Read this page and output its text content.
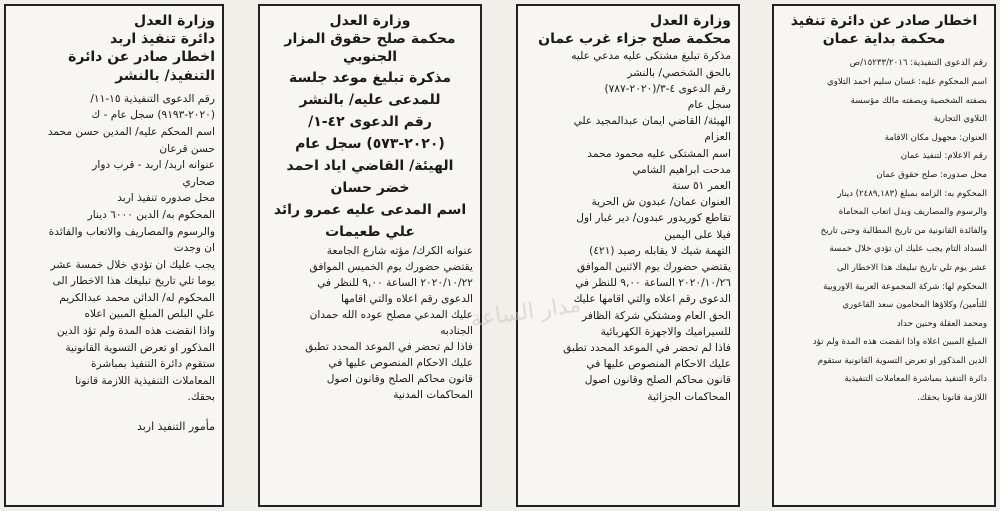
اخطار صادر عن دائرة تنفيذ
محكمة بداية عمان
رقم الدعوى التنفيذية: ١٥٢٣٣/٢٠١٦/ص
اسم المحكوم عليه: غسان سليم احمد التلاوي
بصفته الشخصية وبصفته مالك مؤسسة
التلاوي التجارية
العنوان: مجهول مكان الاقامة
رقم الاعلام: لتنفيذ عمان
محل صدوره: صلح حقوق عمان
المحكوم به: الزامه بمبلغ (٢٤٨٩,١٨٣) دينار
والرسوم والمصاريف وبدل اتعاب المحاماة
والفائدة القانونية من تاريخ المطالبة وحتى تاريخ
السداد التام يجب عليك ان تؤدي خلال خمسة
عشر يوم تلي تاريخ تبليغك هذا الاخطار الى
المحكوم لها: شركة المجموعة العربية الاوروبية
للتأمين/ وكلاؤها المحامون سعد القاعوري
ومحمد العقلة وحنين حداد
المبلغ المبين اعلاه واذا انقضت هذه المدة ولم تؤد
الدين المذكور او تعرض التسوية القانونية ستقوم
دائرة التنفيذ بمباشرة المعاملات التنفيذية
اللازمة قانونا بحقك.
وزارة العدل
محكمة صلح جزاء غرب عمان
مذكرة تبليغ مشتكى عليه مدعي عليه
بالحق الشخصي/ بالنشر
رقم الدعوى ٤-٣/(٢٠٢٠-٧٨٧)
سجل عام
الهيئة/ القاضي ايمان عبدالمجيد علي
العزام
اسم المشتكى عليه محمود محمد
مدحت ابراهيم الشامي
العمر ٥١ سنة
العنوان عمان/ عبدون ش الحرية
تقاطع كوريدور عبدون/ دير غبار اول
فيلا على اليمين
التهمة شيك لا يقابله رصيد (٤٢١)
يقتضي حضورك يوم الاثنين الموافق
٢٠٢٠/١٠/٢٦ الساعة ٩,٠٠ للنظر في
الدعوى رقم اعلاه والتي اقامها عليك
الحق العام ومشتكي شركة الظافر
للسيراميك والاجهزة الكهربائية
فاذا لم تحضر في الموعد المحدد تطبق
عليك الاحكام المنصوص عليها في
قانون محاكم الصلح وقانون اصول
المحاكمات الجزائية
وزارة العدل
محكمة صلح حقوق المزار
الجنوبي
مذكرة تبليغ موعد جلسة
للمدعى عليه/ بالنشر
رقم الدعوى ٤٢-١/
(٢٠٢٠-٥٧٣) سجل عام
الهيئة/ القاضي اياد احمد
خضر حسان
اسم المدعى عليه عمرو رائد
علي طعيمات
عنوانه الكرك/ مؤته شارع الجامعة
يقتضي حضورك يوم الخميس الموافق
٢٠٢٠/١٠/٢٢ الساعة ٩,٠٠ للنظر في
الدعوى رقم اعلاه والتي اقامها
عليك المدعي مصلح عوده الله حمدان
الجنادبه
فاذا لم تحضر في الموعد المحدد تطبق
عليك الاحكام المنصوص عليها في
قانون محاكم الصلح وقانون اصول
المحاكمات المدنية
وزارة العدل
دائرة تنفيذ اربد
اخطار صادر عن دائرة
التنفيذ/ بالنشر
رقم الدعوى التنفيذية ١٥-١١/
(٢٠٢٠-٩١٩٣) سجل عام - ك
اسم المحكم عليه/ المدين حسن محمد
حسن قرعان
عنوانه اربد/ اربد - قرب دوار
صحاري
محل صدوره تنفيذ اربد
المحكوم به/ الدين ٦٠٠٠ دينار
والرسوم والمصاريف والاتعاب والفائدة
ان وجدت
يجب عليك ان تؤدي خلال خمسة عشر
يوما تلي تاريخ تبليغك هذا الاخطار الى
المحكوم له/ الدائن محمد عبدالكريم
علي البلص المبلغ المبين اعلاه
واذا انقضت هذه المدة ولم تؤد الدين
المذكور او تعرض التسوية القانونية
ستقوم دائرة التنفيذ بمباشرة
المعاملات التنفيذية اللازمة قانونا
بحقك.
مأمور التنفيذ اربد
مدار الساعة
